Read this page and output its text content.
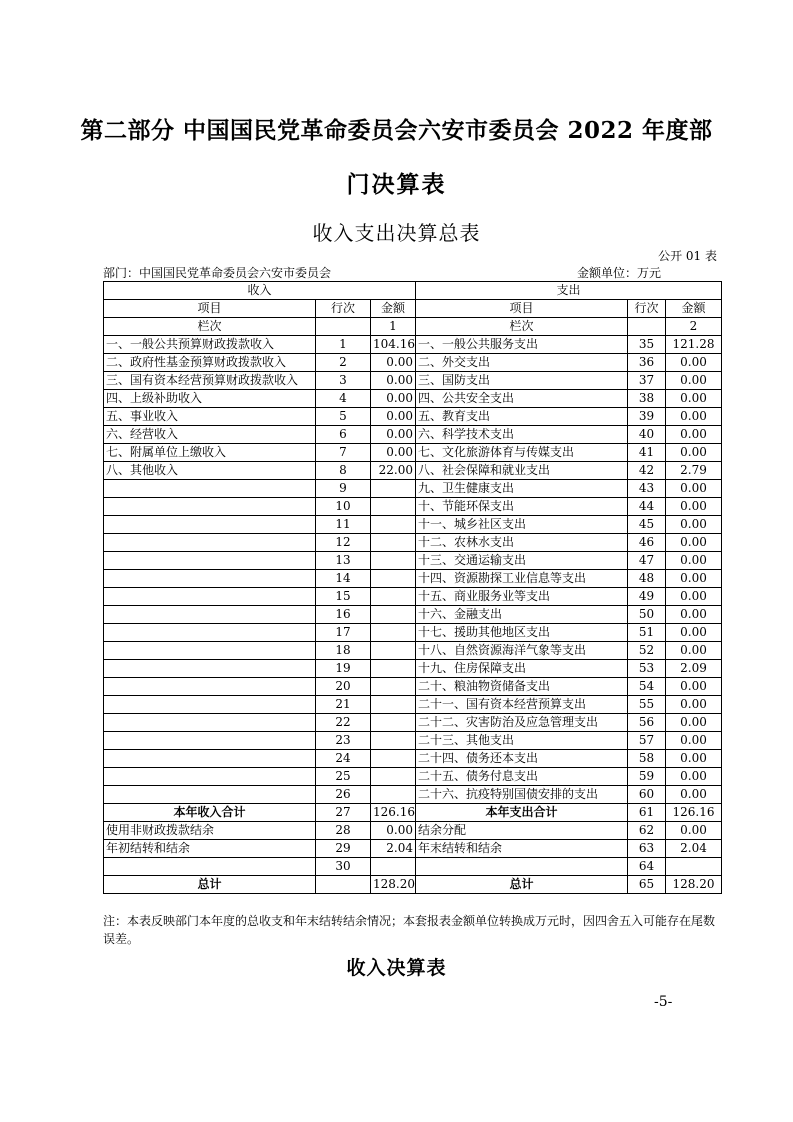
第二部分 中国国民党革命委员会六安市委员会 2022 年度部
门决算表
收入支出决算总表
公开 01 表
部门：中国国民党革命委员会六安市委员会	金额单位：万元
收入			支出		
项目	行次	金额	项目	行次	金额
栏次		1	栏次		2
一、一般公共预算财政拨款收入	1	104.16	一、一般公共服务支出	35	121.28
二、政府性基金预算财政拨款收入	2	0.00	二、外交支出	36	0.00
三、国有资本经营预算财政拨款收入	3	0.00	三、国防支出	37	0.00
四、上级补助收入	4	0.00	四、公共安全支出	38	0.00
五、事业收入	5	0.00	五、教育支出	39	0.00
六、经营收入	6	0.00	六、科学技术支出	40	0.00
七、附属单位上缴收入	7	0.00	七、文化旅游体育与传媒支出	41	0.00
八、其他收入	8	22.00	八、社会保障和就业支出	42	2.79
	9		九、卫生健康支出	43	0.00
	10		十、节能环保支出	44	0.00
	11		十一、城乡社区支出	45	0.00
	12		十二、农林水支出	46	0.00
	13		十三、交通运输支出	47	0.00
	14		十四、资源勘探工业信息等支出	48	0.00
	15		十五、商业服务业等支出	49	0.00
	16		十六、金融支出	50	0.00
	17		十七、援助其他地区支出	51	0.00
	18		十八、自然资源海洋气象等支出	52	0.00
	19		十九、住房保障支出	53	2.09
	20		二十、粮油物资储备支出	54	0.00
	21		二十一、国有资本经营预算支出	55	0.00
	22		二十二、灾害防治及应急管理支出	56	0.00
	23		二十三、其他支出	57	0.00
	24		二十四、债务还本支出	58	0.00
	25		二十五、债务付息支出	59	0.00
	26		二十六、抗疫特别国债安排的支出	60	0.00
本年收入合计	27	126.16	本年支出合计	61	126.16
使用非财政拨款结余	28	0.00	结余分配	62	0.00
年初结转和结余	29	2.04	年末结转和结余	63	2.04
	30			64	
总计		128.20	总计	65	128.20
注：本表反映部门本年度的总收支和年末结转结余情况；本套报表金额单位转换成万元时，因四舍五入可能存在尾数误差。
收入决算表
-5-
